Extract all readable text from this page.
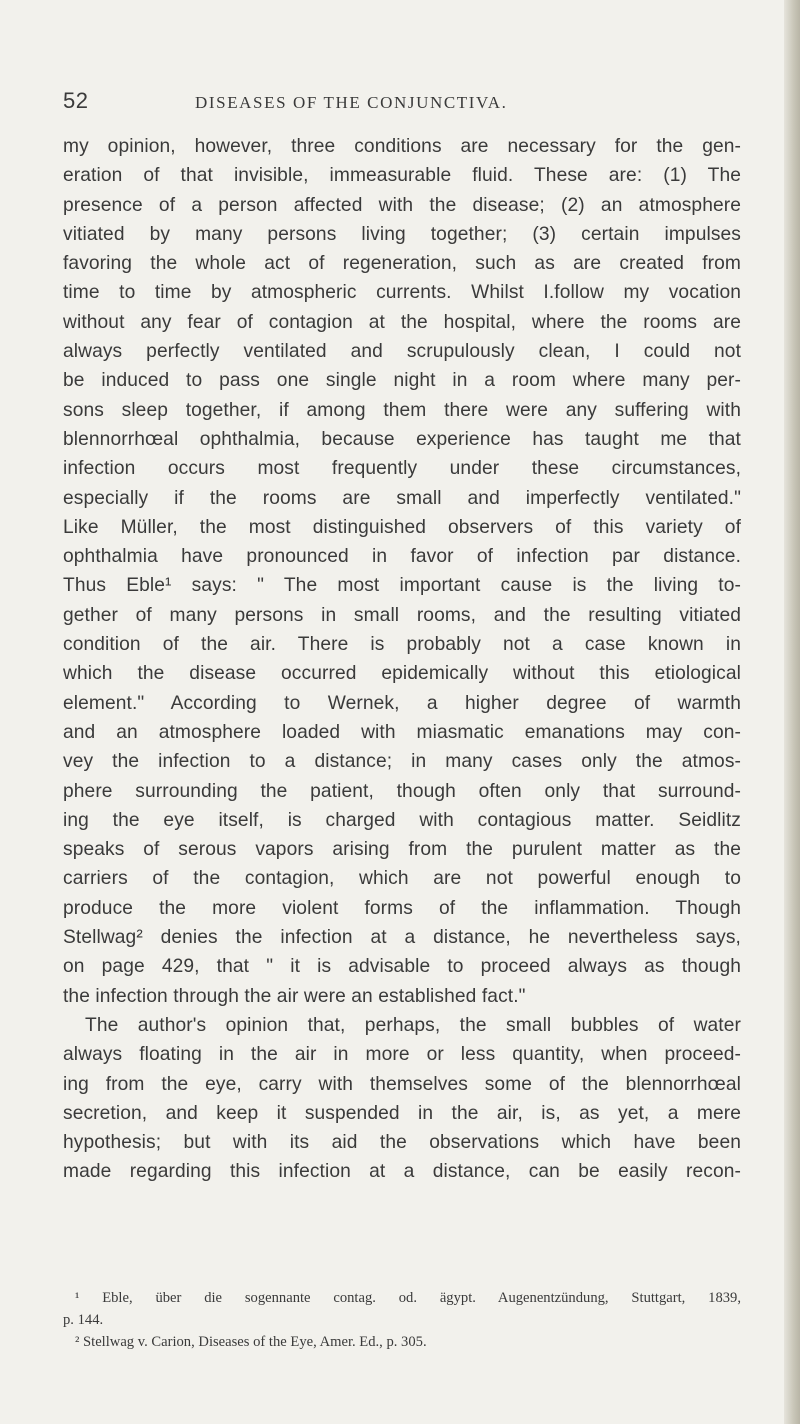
52	DISEASES OF THE CONJUNCTIVA.
my opinion, however, three conditions are necessary for the gen-
eration of that invisible, immeasurable fluid. These are: (1) The
presence of a person affected with the disease; (2) an atmosphere
vitiated by many persons living together; (3) certain impulses
favoring the whole act of regeneration, such as are created from
time to time by atmospheric currents. Whilst I.follow my vocation
without any fear of contagion at the hospital, where the rooms are
always perfectly ventilated and scrupulously clean, I could not
be induced to pass one single night in a room where many per-
sons sleep together, if among them there were any suffering with
blennorrhœal ophthalmia, because experience has taught me that
infection occurs most frequently under these circumstances,
especially if the rooms are small and imperfectly ventilated."
Like Müller, the most distinguished observers of this variety of
ophthalmia have pronounced in favor of infection par distance.
Thus Eble¹ says: " The most important cause is the living to-
gether of many persons in small rooms, and the resulting vitiated
condition of the air. There is probably not a case known in
which the disease occurred epidemically without this etiological
element." According to Wernek, a higher degree of warmth
and an atmosphere loaded with miasmatic emanations may con-
vey the infection to a distance; in many cases only the atmos-
phere surrounding the patient, though often only that surround-
ing the eye itself, is charged with contagious matter. Seidlitz
speaks of serous vapors arising from the purulent matter as the
carriers of the contagion, which are not powerful enough to
produce the more violent forms of the inflammation. Though
Stellwag² denies the infection at a distance, he nevertheless says,
on page 429, that " it is advisable to proceed always as though
the infection through the air were an established fact."
The author's opinion that, perhaps, the small bubbles of water
always floating in the air in more or less quantity, when proceed-
ing from the eye, carry with themselves some of the blennorrhœal
secretion, and keep it suspended in the air, is, as yet, a mere
hypothesis; but with its aid the observations which have been
made regarding this infection at a distance, can be easily recon-
¹ Eble, über die sogennante contag. od. ägypt. Augenentzündung, Stuttgart, 1839,
p. 144.
² Stellwag v. Carion, Diseases of the Eye, Amer. Ed., p. 305.
